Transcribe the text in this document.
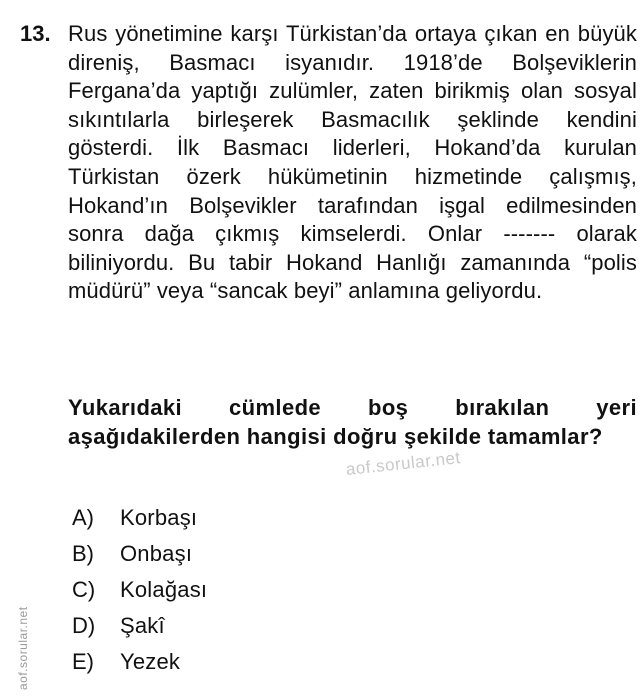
13. Rus yönetimine karşı Türkistan’da ortaya çıkan en büyük direniş, Basmacı isyanıdır. 1918’de Bolşeviklerin Fergana’da yaptığı zulümler, zaten birikmiş olan sosyal sıkıntılarla birleşerek Basmacılık şeklinde kendini gösterdi. İlk Basmacı liderleri, Hokand’da kurulan Türkistan özerk hükümetinin hizmetinde çalışmış, Hokand’ın Bolşevikler tarafından işgal edilmesinden sonra dağa çıkmış kimselerdi. Onlar ------- olarak biliniyordu. Bu tabir Hokand Hanlığı zamanında “polis müdürü” veya “sancak beyi” anlamına geliyordu.
Yukarıdaki cümlede boş bırakılan yeri aşağıdakilerden hangisi doğru şekilde tamamlar?
aof.sorular.net
A)	Korbaşı
B)	Onbaşı
C)	Kolağası
D)	Şakî
E)	Yezek
aof.sorular.net
